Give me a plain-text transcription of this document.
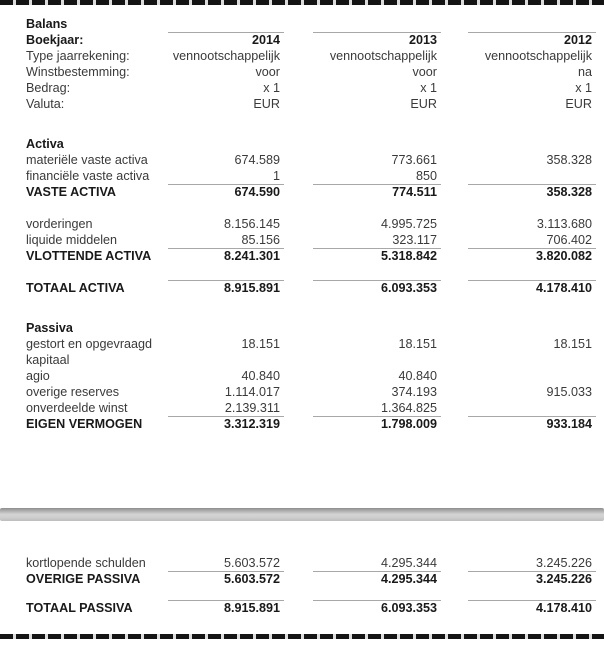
Balans
Boekjaar:	2014	2013	2012
Type jaarrekening:	vennootschappelijk	vennootschappelijk	vennootschappelijk
Winstbestemming:	voor	voor	na
Bedrag:	x 1	x 1	x 1
Valuta:	EUR	EUR	EUR
Activa
materiële vaste activa	674.589	773.661	358.328
financiële vaste activa	1	850
VASTE ACTIVA	674.590	774.511	358.328
vorderingen	8.156.145	4.995.725	3.113.680
liquide middelen	85.156	323.117	706.402
VLOTTENDE ACTIVA	8.241.301	5.318.842	3.820.082
TOTAAL ACTIVA	8.915.891	6.093.353	4.178.410
Passiva
gestort en opgevraagd kapitaal
18.151	18.151	18.151
agio	40.840	40.840
overige reserves	1.114.017	374.193	915.033
onverdeelde winst	2.139.311	1.364.825
EIGEN VERMOGEN	3.312.319	1.798.009	933.184
kortlopende schulden	5.603.572	4.295.344	3.245.226
OVERIGE PASSIVA	5.603.572	4.295.344	3.245.226
TOTAAL PASSIVA	8.915.891	6.093.353	4.178.410
